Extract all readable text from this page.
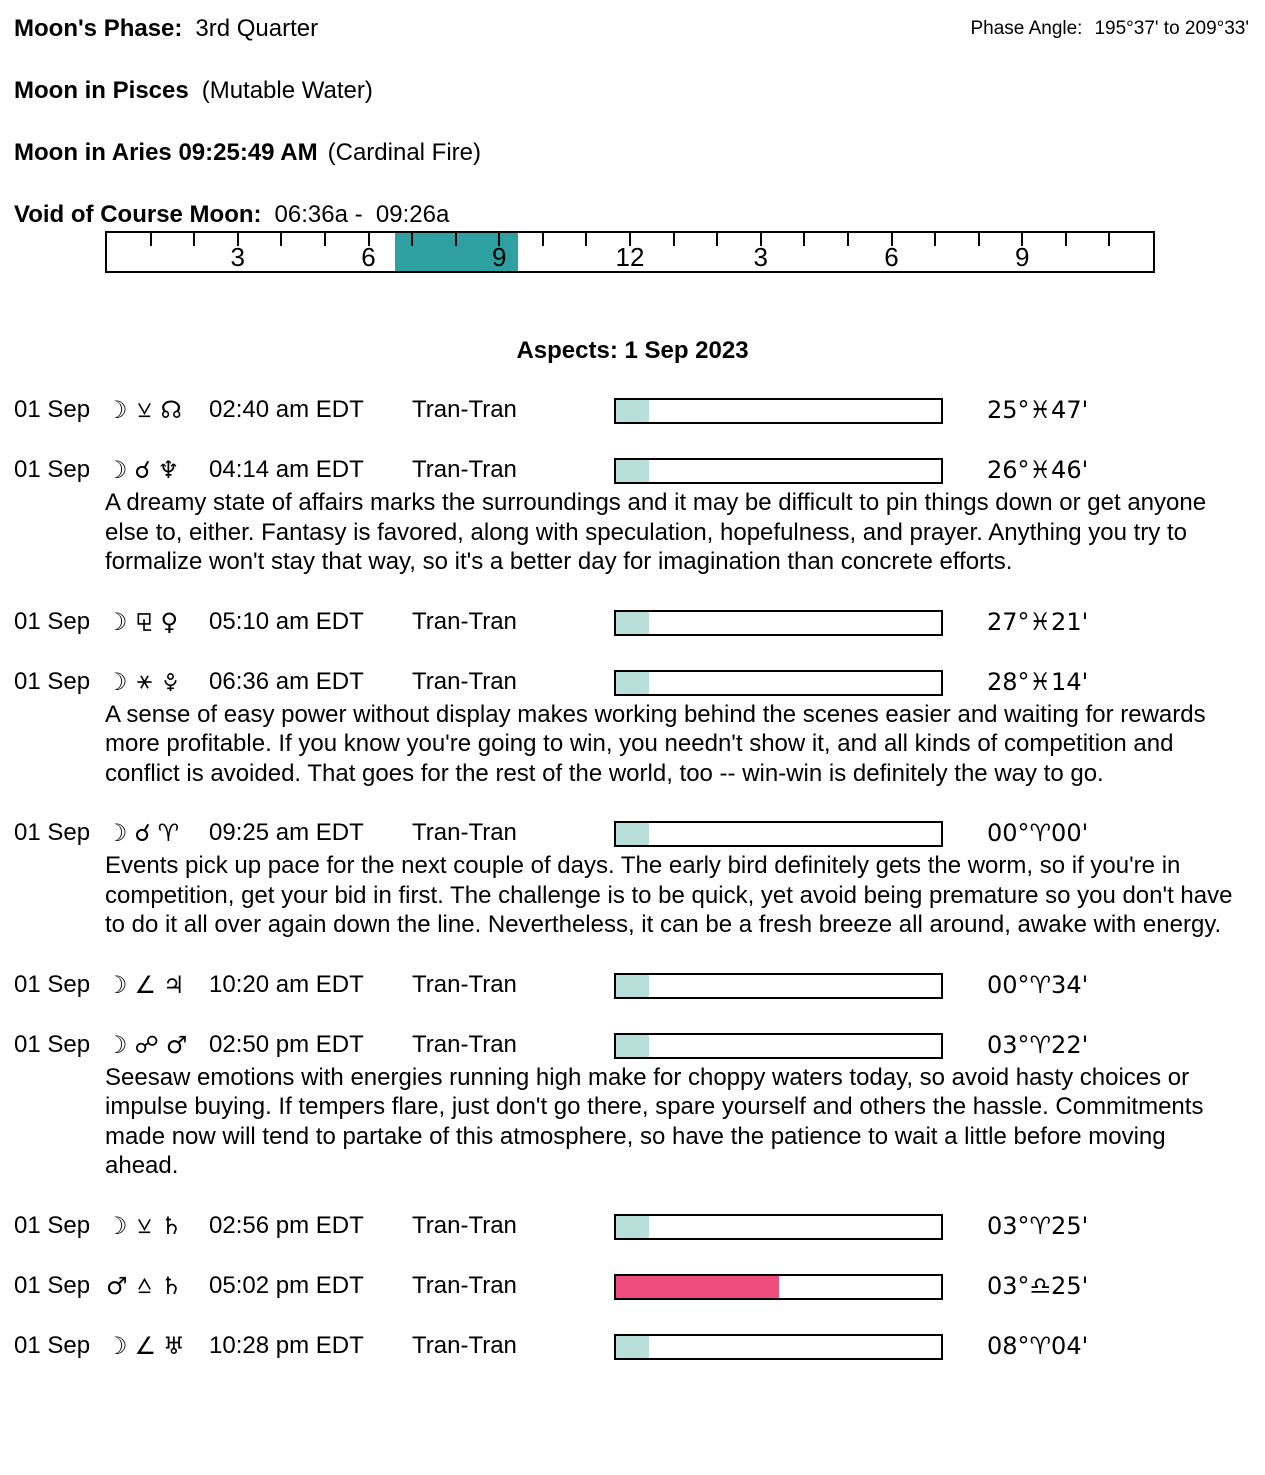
Phase Angle: 195°37' to 209°33'
Moon's Phase: 3rd Quarter
Moon in Pisces (Mutable Water)
Moon in Aries 09:25:49 AM (Cardinal Fire)
Void of Course Moon: 06:36a -  09:26a
3	6	9	12	3	6	9
Aspects: 1 Sep 2023
01 Sep ☽ ☊	02:40 am EDT	Tran-Tran	25°♓47'
01 Sep ☽ ☌ ♆	04:14 am EDT	Tran-Tran	26°♓46'
A dreamy state of affairs marks the surroundings and it may be difficult to pin things down or get anyone else to, either. Fantasy is favored, along with speculation, hopefulness, and prayer. Anything you try to formalize won't stay that way, so it's a better day for imagination than concrete efforts.
01 Sep ☽ ♀	05:10 am EDT	Tran-Tran	27°♓21'
01 Sep ☽	06:36 am EDT	Tran-Tran	28°♓14'
A sense of easy power without display makes working behind the scenes easier and waiting for rewards more profitable. If you know you're going to win, you needn't show it, and all kinds of competition and conflict is avoided. That goes for the rest of the world, too -- win-win is definitely the way to go.
01 Sep ☽ ☌ ♈	09:25 am EDT	Tran-Tran	00°♈00'
Events pick up pace for the next couple of days. The early bird definitely gets the worm, so if you're in competition, get your bid in first. The challenge is to be quick, yet avoid being premature so you don't have to do it all over again down the line. Nevertheless, it can be a fresh breeze all around, awake with energy.
01 Sep ☽ ∠ ♃	10:20 am EDT	Tran-Tran	00°♈34'
01 Sep ☽ ☍ ♂ 02:50 pm EDT	Tran-Tran	03°♈22'
Seesaw emotions with energies running high make for choppy waters today, so avoid hasty choices or impulse buying. If tempers flare, just don't go there, spare yourself and others the hassle. Commitments made now will tend to partake of this atmosphere, so have the patience to wait a little before moving ahead.
01 Sep ☽ ♄	02:56 pm EDT	Tran-Tran	03°♈25'
01 Sep ♂ ♄	05:02 pm EDT	Tran-Tran	03°♎25'
01 Sep ☽ ∠ ♅	10:28 pm EDT	Tran-Tran	08°♈04'
